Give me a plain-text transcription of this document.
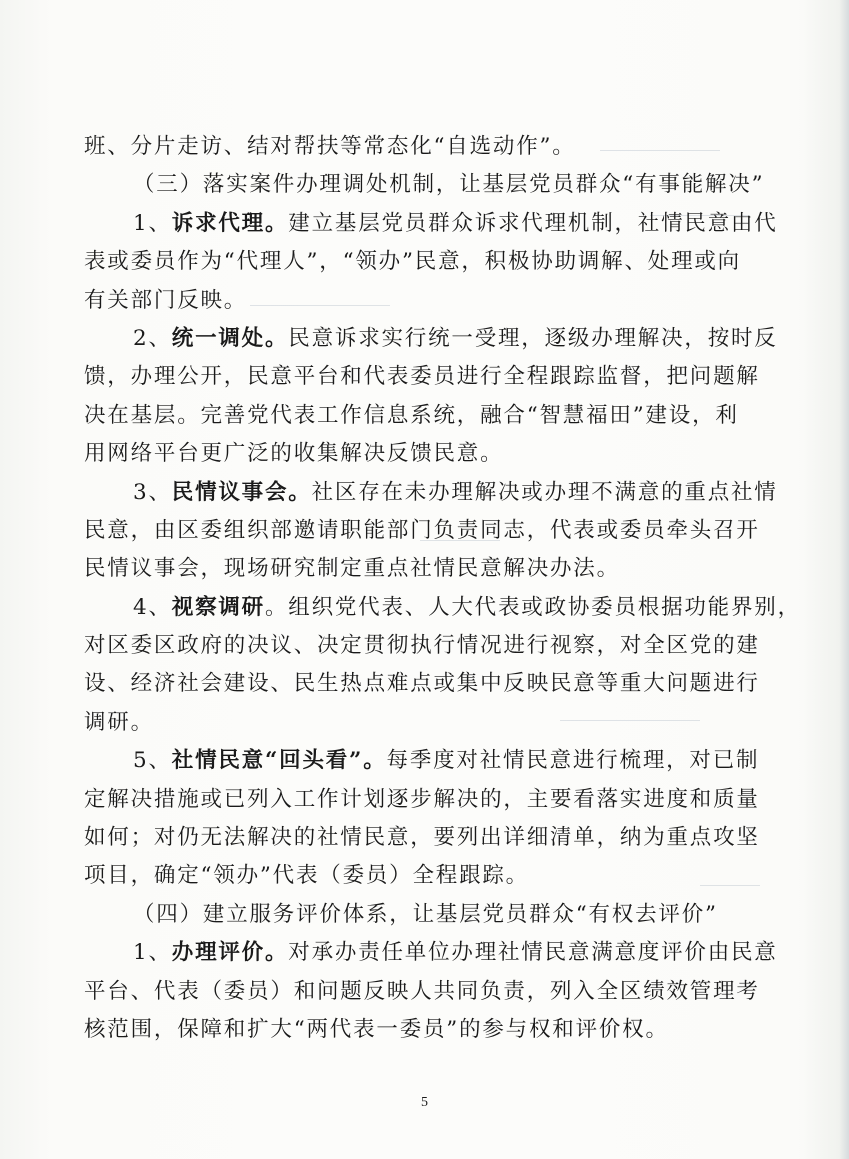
班、分片走访、结对帮扶等常态化“自选动作”。
（三）落实案件办理调处机制，让基层党员群众“有事能解决”
1、诉求代理。建立基层党员群众诉求代理机制，社情民意由代
表或委员作为“代理人”，“领办”民意，积极协助调解、处理或向
有关部门反映。
2、统一调处。民意诉求实行统一受理，逐级办理解决，按时反
馈，办理公开，民意平台和代表委员进行全程跟踪监督，把问题解
决在基层。完善党代表工作信息系统，融合“智慧福田”建设，利
用网络平台更广泛的收集解决反馈民意。
3、民情议事会。社区存在未办理解决或办理不满意的重点社情
民意，由区委组织部邀请职能部门负责同志，代表或委员牵头召开
民情议事会，现场研究制定重点社情民意解决办法。
4、视察调研。组织党代表、人大代表或政协委员根据功能界别，
对区委区政府的决议、决定贯彻执行情况进行视察，对全区党的建
设、经济社会建设、民生热点难点或集中反映民意等重大问题进行
调研。
5、社情民意“回头看”。每季度对社情民意进行梳理，对已制
定解决措施或已列入工作计划逐步解决的，主要看落实进度和质量
如何；对仍无法解决的社情民意，要列出详细清单，纳为重点攻坚
项目，确定“领办”代表（委员）全程跟踪。
（四）建立服务评价体系，让基层党员群众“有权去评价”
1、办理评价。对承办责任单位办理社情民意满意度评价由民意
平台、代表（委员）和问题反映人共同负责，列入全区绩效管理考
核范围，保障和扩大“两代表一委员”的参与权和评价权。
5
